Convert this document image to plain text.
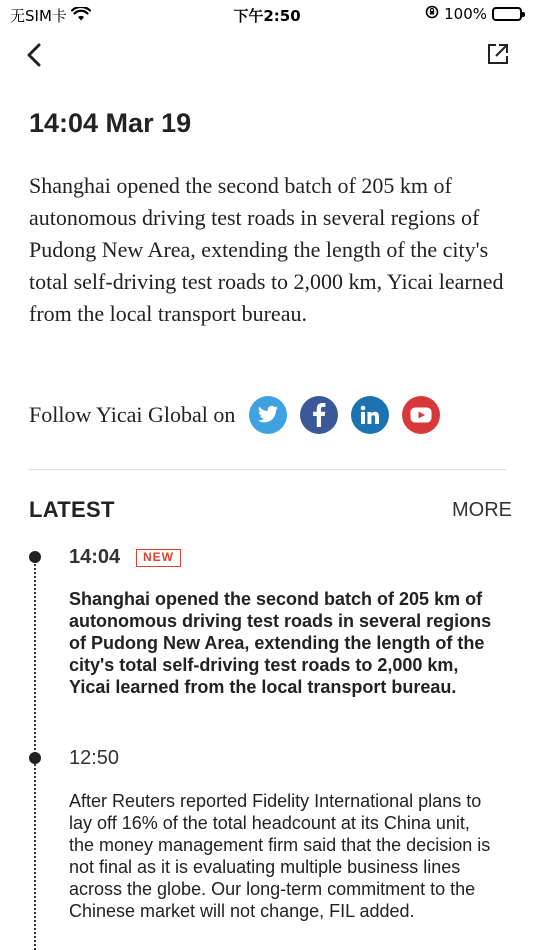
无SIM卡	下午2:50	100%
14:04 Mar 19
Shanghai opened the second batch of 205 km of autonomous driving test roads in several regions of Pudong New Area, extending the length of the city's total self-driving test roads to 2,000 km, Yicai learned from the local transport bureau.
Follow Yicai Global on
LATEST	MORE
14:04	NEW
Shanghai opened the second batch of 205 km of autonomous driving test roads in several regions of Pudong New Area, extending the length of the city's total self-driving test roads to 2,000 km, Yicai learned from the local transport bureau.
12:50
After Reuters reported Fidelity International plans to lay off 16% of the total headcount at its China unit, the money management firm said that the decision is not final as it is evaluating multiple business lines across the globe. Our long-term commitment to the Chinese market will not change, FIL added.
